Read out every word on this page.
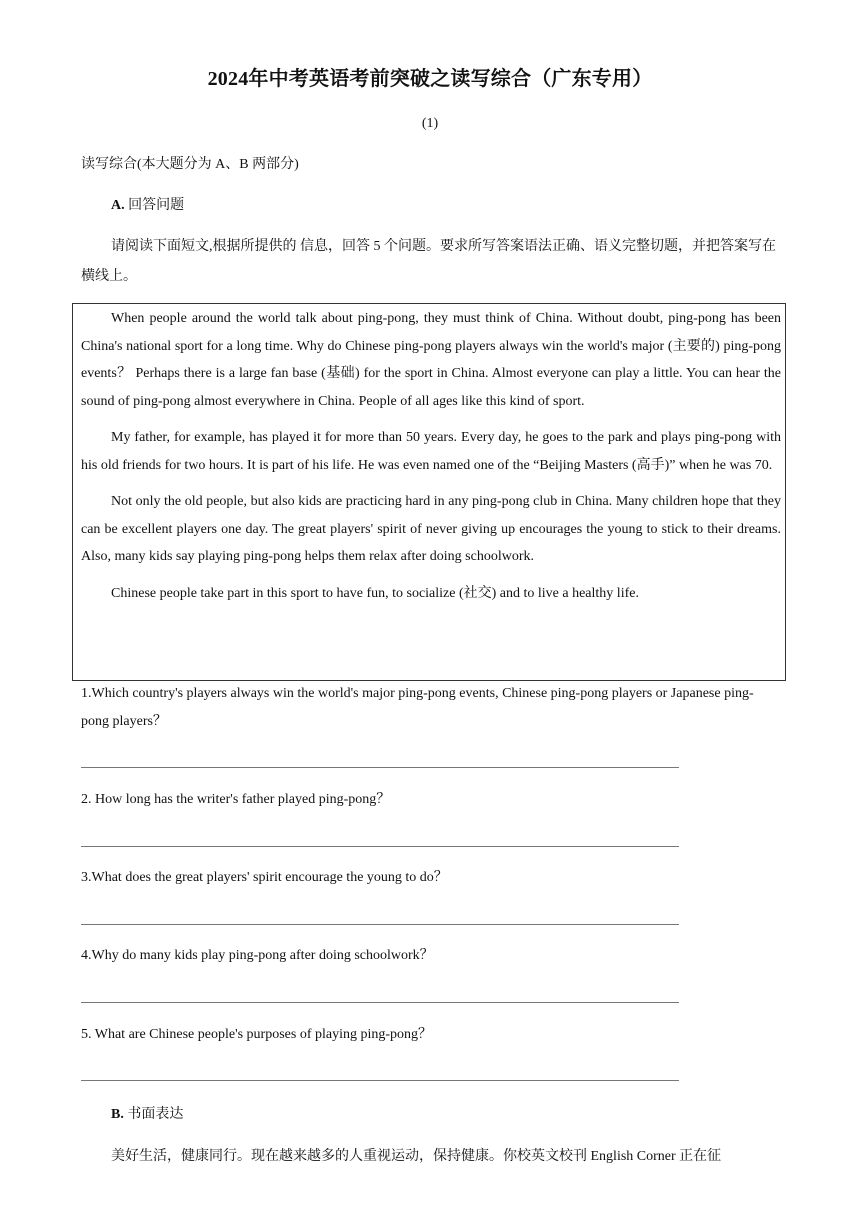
2024年中考英语考前突破之读写综合（广东专用）
(1)
读写综合(本大题分为 A、B 两部分)
A. 回答问题
请阅读下面短文,根据所提供的 信息，回答 5 个问题。要求所写答案语法正确、语义完整切题，并把答案写在横线上。

When people around the world talk about ping-pong, they must think of China. Without doubt, ping-pong has been China's national sport for a long time. Why do Chinese ping-pong players always win the world's major (主要的) ping-pong events？ Perhaps there is a large fan base (基础) for the sport in China. Almost everyone can play a little. You can hear the sound of ping-pong almost everywhere in China. People of all ages like this kind of sport.

My father, for example, has played it for more than 50 years. Every day, he goes to the park and plays ping-pong with his old friends for two hours. It is part of his life. He was even named one of the “Beijing Masters (高手)” when he was 70.

Not only the old people, but also kids are practicing hard in any ping-pong club in China. Many children hope that they can be excellent players one day. The great players' spirit of never giving up encourages the young to stick to their dreams. Also, many kids say playing ping-pong helps them relax after doing schoolwork.

Chinese people take part in this sport to have fun, to socialize (社交) and to live a healthy life.

1.Which country's players always win the world's major ping-pong events, Chinese ping-pong players or Japanese ping-pong players？
2. How long has the writer's father played ping-pong？
3.What does the great players' spirit encourage the young to do？
4.Why do many kids play ping-pong after doing schoolwork？
5. What are Chinese people's purposes of playing ping-pong？
B. 书面表达
美好生活，健康同行。现在越来越多的人重视运动，保持健康。你校英文校刊 English Corner 正在征
